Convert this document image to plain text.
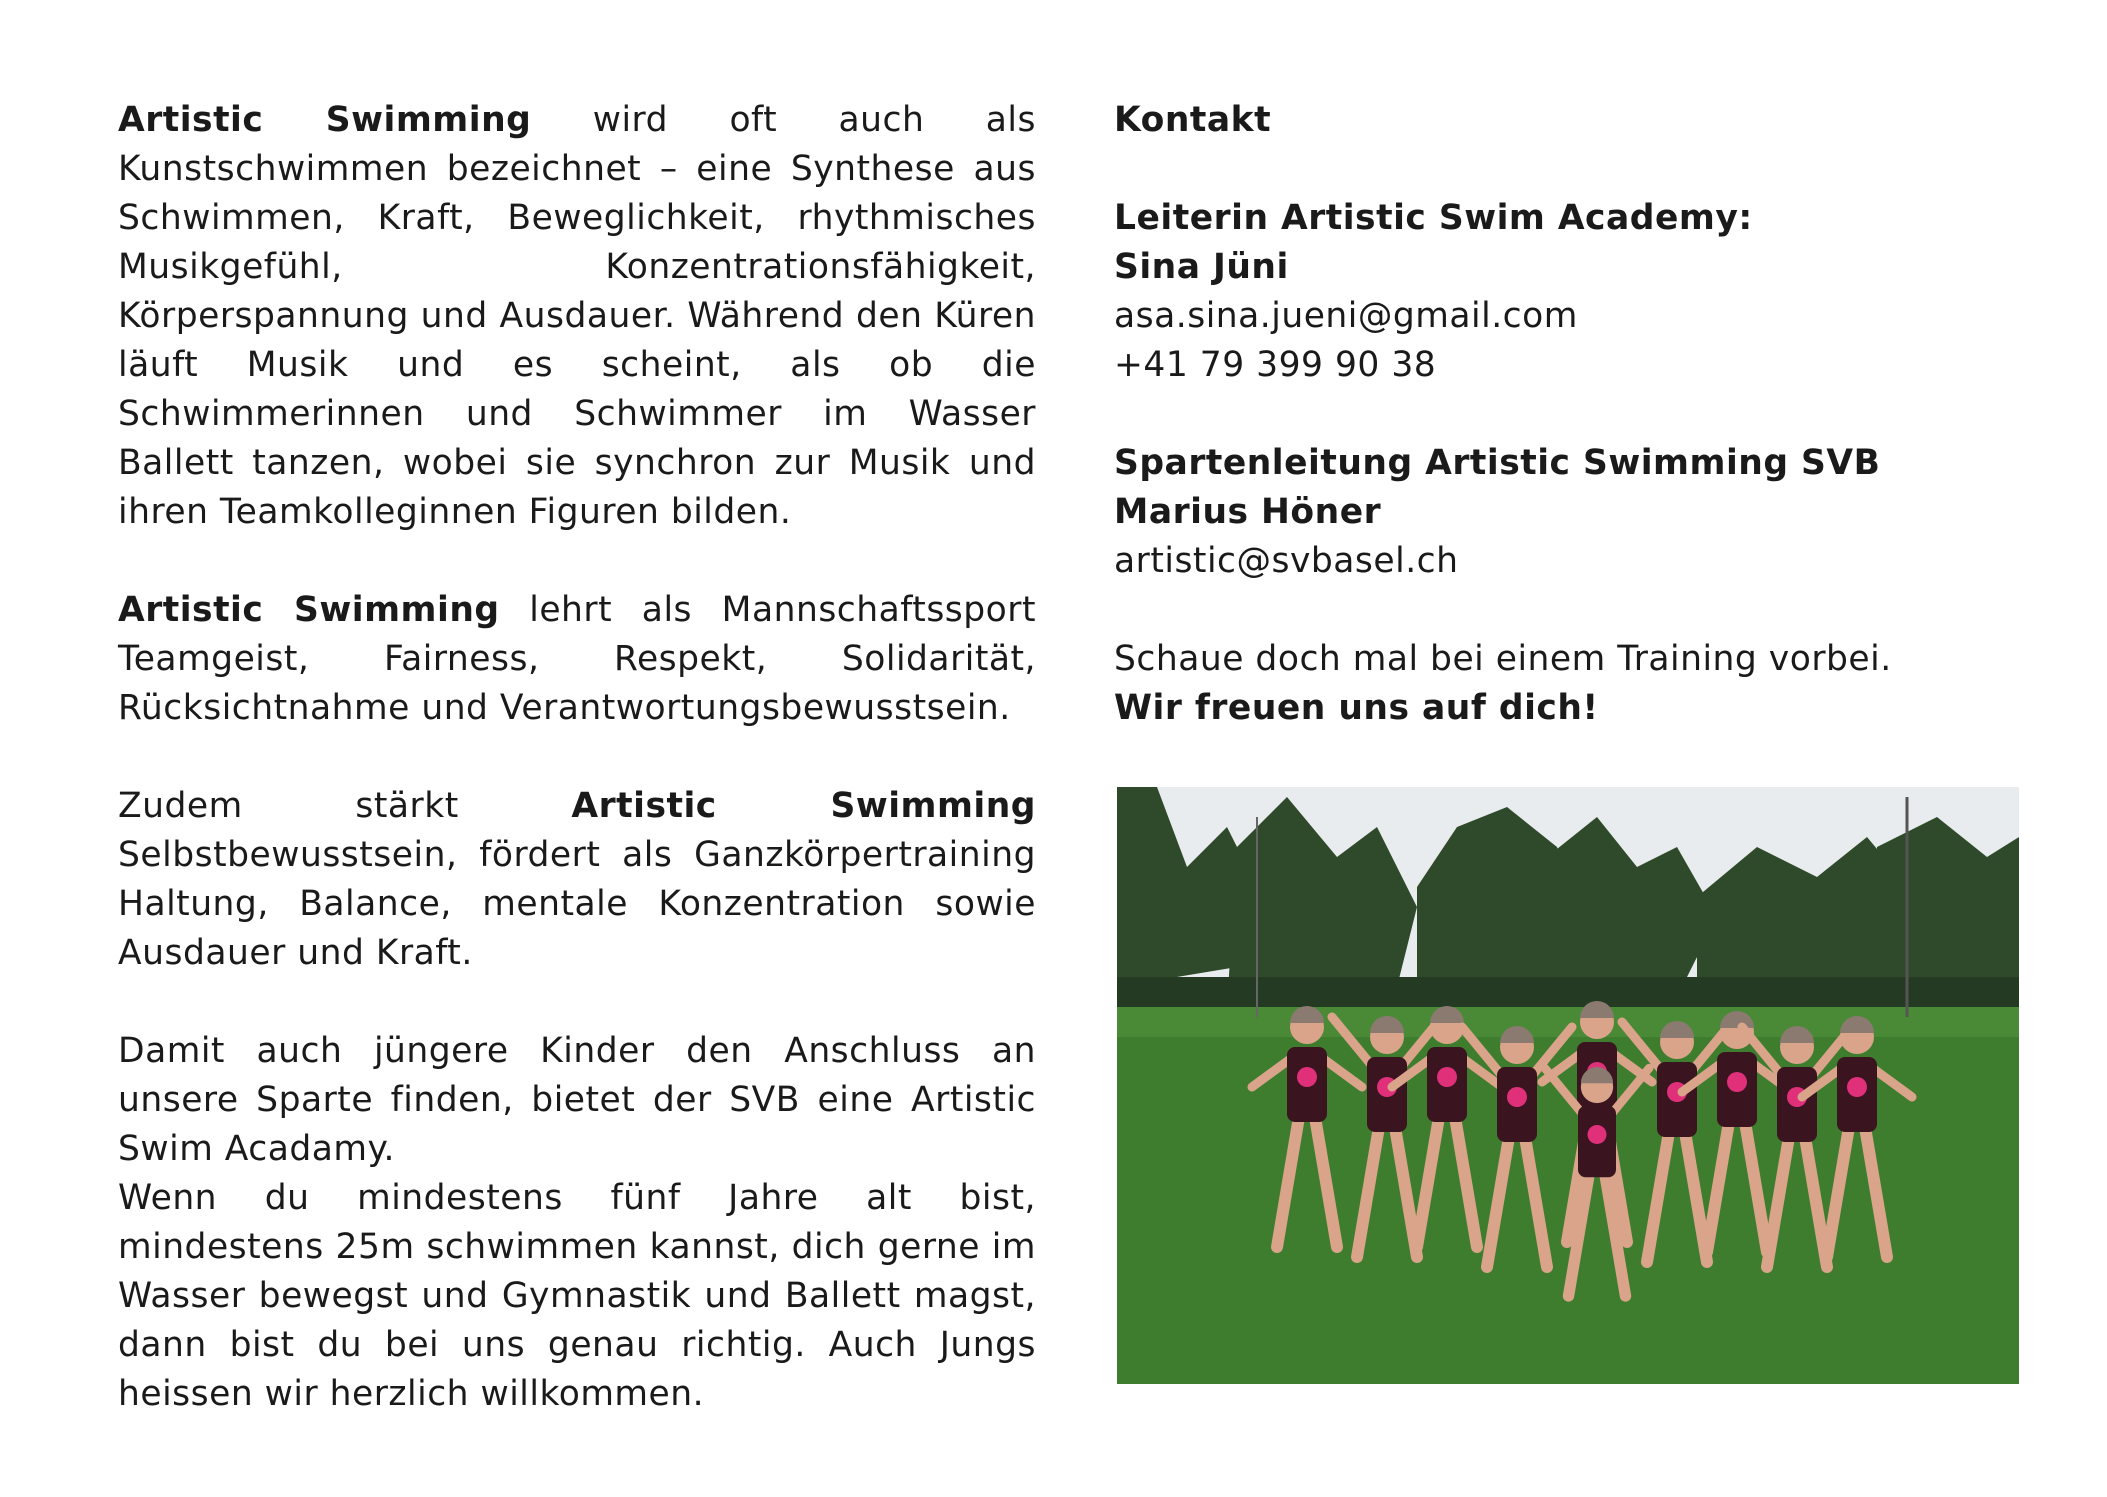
Artistic Swimming wird oft auch als Kunstschwimmen bezeichnet – eine Synthese aus Schwimmen, Kraft, Beweglichkeit, rhythmisches Musikgefühl, Konzentrationsfähigkeit, Körperspannung und Ausdauer. Während den Küren läuft Musik und es scheint, als ob die Schwimmerinnen und Schwimmer im Wasser Ballett tanzen, wobei sie synchron zur Musik und ihren Teamkolleginnen Figuren bilden.

Artistic Swimming lehrt als Mannschaftssport Teamgeist, Fairness, Respekt, Solidarität, Rücksichtnahme und Verantwortungsbewusstsein.

Zudem stärkt Artistic Swimming Selbstbewusstsein, fördert als Ganzkörpertraining Haltung, Balance, mentale Konzentration sowie Ausdauer und Kraft.

Damit auch jüngere Kinder den Anschluss an unsere Sparte finden, bietet der SVB eine Artistic Swim Acadamy.

Wenn du mindestens fünf Jahre alt bist, mindestens 25m schwimmen kannst, dich gerne im Wasser bewegst und Gymnastik und Ballett magst, dann bist du bei uns genau richtig. Auch Jungs heissen wir herzlich willkommen.

Kontakt
Leiterin Artistic Swim Academy:
Sina Jüni
asa.sina.jueni@gmail.com
+41 79 399 90 38
Spartenleitung Artistic Swimming SVB
Marius Höner
artistic@svbasel.ch
Schaue doch mal bei einem Training vorbei.
Wir freuen uns auf dich!
